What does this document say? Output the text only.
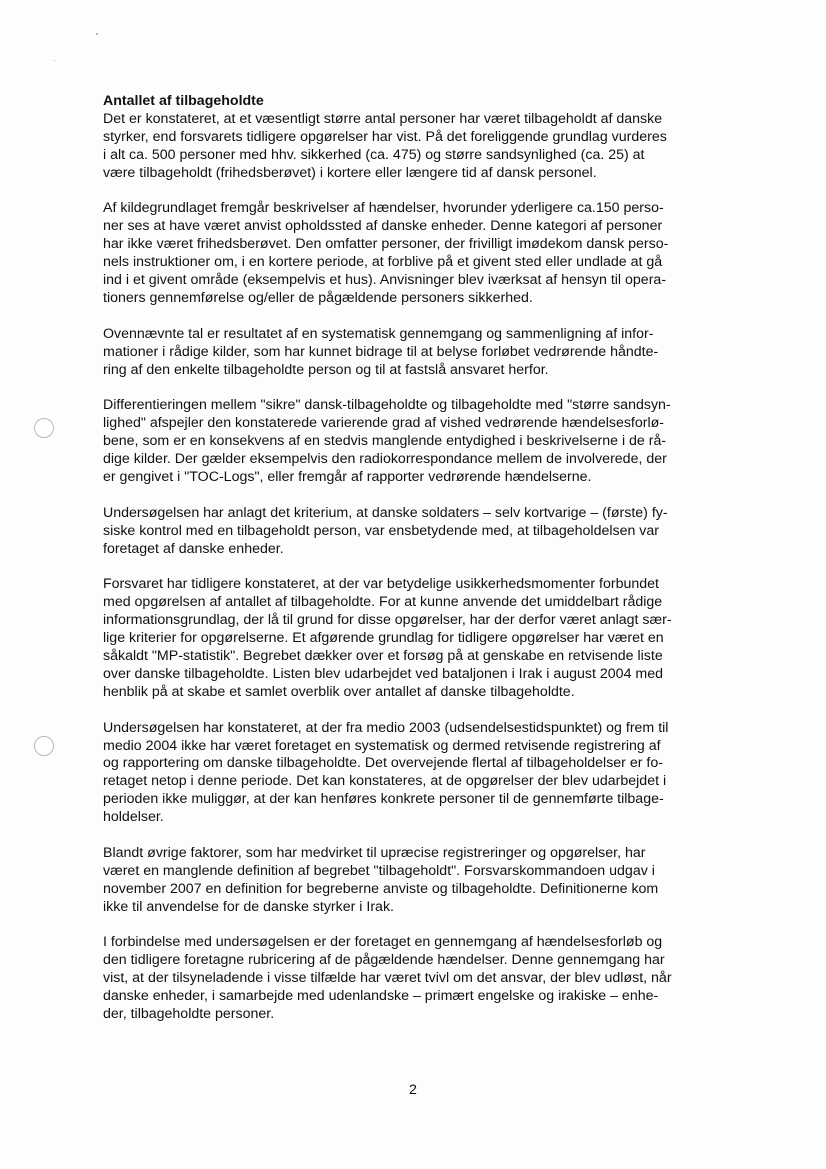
Antallet af tilbageholdte
Det er konstateret, at et væsentligt større antal personer har været tilbageholdt af danske
styrker, end forsvarets tidligere opgørelser har vist. På det foreliggende grundlag vurderes
i alt ca. 500 personer med hhv. sikkerhed (ca. 475) og større sandsynlighed (ca. 25) at
være tilbageholdt (frihedsberøvet) i kortere eller længere tid af dansk personel.
Af kildegrundlaget fremgår beskrivelser af hændelser, hvorunder yderligere ca.150 perso-
ner ses at have været anvist opholdssted af danske enheder. Denne kategori af personer
har ikke været frihedsberøvet. Den omfatter personer, der frivilligt imødekom dansk perso-
nels instruktioner om, i en kortere periode, at forblive på et givent sted eller undlade at gå
ind i et givent område (eksempelvis et hus). Anvisninger blev iværksat af hensyn til opera-
tioners gennemførelse og/eller de pågældende personers sikkerhed.
Ovennævnte tal er resultatet af en systematisk gennemgang og sammenligning af infor-
mationer i rådige kilder, som har kunnet bidrage til at belyse forløbet vedrørende håndte-
ring af den enkelte tilbageholdte person og til at fastslå ansvaret herfor.
Differentieringen mellem "sikre" dansk-tilbageholdte og tilbageholdte med "større sandsyn-
lighed" afspejler den konstaterede varierende grad af vished vedrørende hændelsesforlø-
bene, som er en konsekvens af en stedvis manglende entydighed i beskrivelserne i de rå-
dige kilder. Der gælder eksempelvis den radiokorrespondance mellem de involverede, der
er gengivet i "TOC-Logs", eller fremgår af rapporter vedrørende hændelserne.
Undersøgelsen har anlagt det kriterium, at danske soldaters – selv kortvarige – (første) fy-
siske kontrol med en tilbageholdt person, var ensbetydende med, at tilbageholdelsen var
foretaget af danske enheder.
Forsvaret har tidligere konstateret, at der var betydelige usikkerhedsmomenter forbundet
med opgørelsen af antallet af tilbageholdte. For at kunne anvende det umiddelbart rådige
informationsgrundlag, der lå til grund for disse opgørelser, har der derfor været anlagt sær-
lige kriterier for opgørelserne. Et afgørende grundlag for tidligere opgørelser har været en
såkaldt "MP-statistik". Begrebet dækker over et forsøg på at genskabe en retvisende liste
over danske tilbageholdte. Listen blev udarbejdet ved bataljonen i Irak i august 2004 med
henblik på at skabe et samlet overblik over antallet af danske tilbageholdte.
Undersøgelsen har konstateret, at der fra medio 2003 (udsendelsestidspunktet) og frem til
medio 2004 ikke har været foretaget en systematisk og dermed retvisende registrering af
og rapportering om danske tilbageholdte. Det overvejende flertal af tilbageholdelser er fo-
retaget netop i denne periode. Det kan konstateres, at de opgørelser der blev udarbejdet i
perioden ikke muliggør, at der kan henføres konkrete personer til de gennemførte tilbage-
holdelser.
Blandt øvrige faktorer, som har medvirket til upræcise registreringer og opgørelser, har
været en manglende definition af begrebet "tilbageholdt". Forsvarskommandoen udgav i
november 2007 en definition for begreberne anviste og tilbageholdte. Definitionerne kom
ikke til anvendelse for de danske styrker i Irak.
I forbindelse med undersøgelsen er der foretaget en gennemgang af hændelsesforløb og
den tidligere foretagne rubricering af de pågældende hændelser. Denne gennemgang har
vist, at der tilsyneladende i visse tilfælde har været tvivl om det ansvar, der blev udløst, når
danske enheder, i samarbejde med udenlandske – primært engelske og irakiske – enhe-
der, tilbageholdte personer.
2
